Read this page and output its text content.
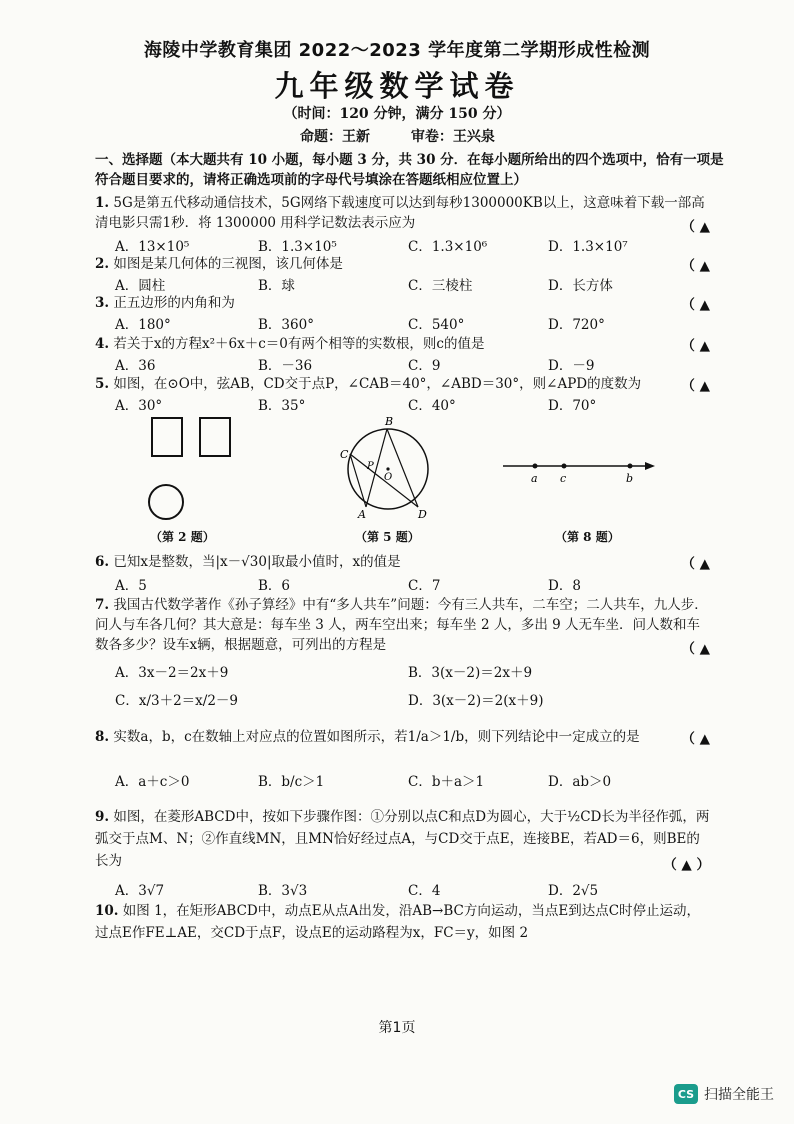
海陵中学教育集团 2022～2023 学年度第二学期形成性检测
九年级数学试卷
（时间：120 分钟，满分 150 分）
命题：王新	审卷：王兴泉
一、选择题（本大题共有 10 小题，每小题 3 分，共 30 分．在每小题所给出的四个选项中，恰有一项是符合题目要求的，请将正确选项前的字母代号填涂在答题纸相应位置上）
1. 5G是第五代移动通信技术，5G网络下载速度可以达到每秒1300000KB以上，这意味着下载一部高清电影只需1秒．将 1300000 用科学记数法表示应为	（ ▲
A．13×10⁵	B．1.3×10⁵	C．1.3×10⁶	D．1.3×10⁷
2. 如图是某几何体的三视图，该几何体是	（ ▲
A．圆柱	B．球	C．三棱柱	D．长方体
3. 正五边形的内角和为	（ ▲
A．180°	B．360°	C．540°	D．720°
4. 若关于x的方程x²＋6x＋c＝0有两个相等的实数根，则c的值是	（ ▲
A．36	B．－36	C．9	D．－9
5. 如图，在⊙O中，弦AB，CD交于点P，∠CAB＝40°，∠ABD＝30°，则∠APD的度数为	（ ▲
A．30°	B．35°	C．40°	D．70°
（第 2 题）
B
C
P
O
A	D
（第 5 题）
a c	b
（第 8 题）
6. 已知x是整数，当|x－√30|取最小值时，x的值是	（ ▲
A．5	B．6	C．7	D．8
7. 我国古代数学著作《孙子算经》中有“多人共车”问题：今有三人共车，二车空；二人共车，九人步．问人与车各几何？其大意是：每车坐 3 人，两车空出来；每车坐 2 人，多出 9 人无车坐．问人数和车数各多少？设车x辆，根据题意，可列出的方程是	（ ▲
A．3x－2＝2x＋9	B．3(x－2)＝2x＋9
C．x/3＋2＝x/2－9	D．3(x－2)＝2(x＋9)
8. 实数a，b，c在数轴上对应点的位置如图所示，若1/a＞1/b，则下列结论中一定成立的是	（ ▲
A．a＋c＞0	B．b/c＞1	C．b＋a＞1	D．ab＞0
9. 如图，在菱形ABCD中，按如下步骤作图：①分别以点C和点D为圆心，大于½CD长为半径作弧，两弧交于点M、N；②作直线MN，且MN恰好经过点A，与CD交于点E，连接BE，若AD＝6，则BE的长为	（ ▲ ）
A．3√7	B．3√3	C．4	D．2√5
10. 如图 1，在矩形ABCD中，动点E从点A出发，沿AB→BC方向运动，当点E到达点C时停止运动，过点E作FE⊥AE，交CD于点F，设点E的运动路程为x，FC＝y，如图 2
第1页
CS 扫描全能王
